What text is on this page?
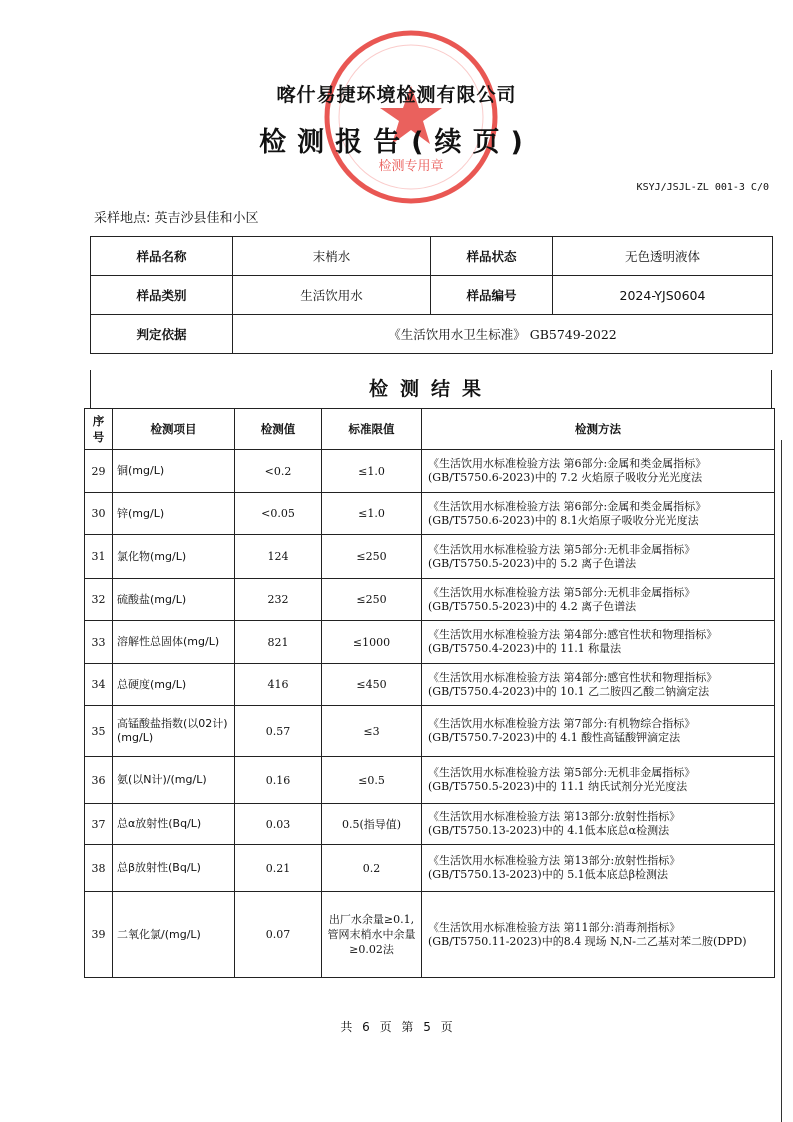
检测专用章
喀什易捷环境检测有限公司
检测报告(续页)
KSYJ/JSJL-ZL 001-3 C/0
采样地点: 英吉沙县佳和小区
样品名称	末梢水	样品状态	无色透明液体
样品类别	生活饮用水	样品编号	2024-YJS0604
判定依据	《生活饮用水卫生标准》 GB5749-2022		
检测结果
序号	检测项目	检测值	标准限值	检测方法
29	铜(mg/L)	<0.2	≤1.0	《生活饮用水标准检验方法 第6部分:金属和类金属指标》
(GB/T5750.6-2023)中的 7.2 火焰原子吸收分光光度法

30	锌(mg/L)	<0.05	≤1.0	《生活饮用水标准检验方法 第6部分:金属和类金属指标》
(GB/T5750.6-2023)中的 8.1火焰原子吸收分光光度法

31	氯化物(mg/L)	124	≤250	《生活饮用水标准检验方法 第5部分:无机非金属指标》
(GB/T5750.5-2023)中的 5.2 离子色谱法

32	硫酸盐(mg/L)	232	≤250	《生活饮用水标准检验方法 第5部分:无机非金属指标》
(GB/T5750.5-2023)中的 4.2 离子色谱法

33	溶解性总固体(mg/L)	821	≤1000	《生活饮用水标准检验方法 第4部分:感官性状和物理指标》
(GB/T5750.4-2023)中的 11.1 称量法

34	总硬度(mg/L)	416	≤450	《生活饮用水标准检验方法 第4部分:感官性状和物理指标》
(GB/T5750.4-2023)中的 10.1 乙二胺四乙酸二钠滴定法

35	高锰酸盐指数(以02计) (mg/L)	0.57	≤3	《生活饮用水标准检验方法 第7部分:有机物综合指标》
(GB/T5750.7-2023)中的 4.1 酸性高锰酸钾滴定法

36	氨(以N计)/(mg/L)	0.16	≤0.5	《生活饮用水标准检验方法 第5部分:无机非金属指标》
(GB/T5750.5-2023)中的 11.1 纳氏试剂分光光度法

37	总α放射性(Bq/L)	0.03	0.5(指导值)	《生活饮用水标准检验方法 第13部分:放射性指标》
(GB/T5750.13-2023)中的 4.1低本底总α检测法

38	总β放射性(Bq/L)	0.21	0.2	《生活饮用水标准检验方法 第13部分:放射性指标》
(GB/T5750.13-2023)中的 5.1低本底总β检测法

39	二氧化氯/(mg/L)	0.07	出厂水余量≥0.1,管网末梢水中余量≥0.02法	《生活饮用水标准检验方法 第11部分:消毒剂指标》
(GB/T5750.11-2023)中的8.4 现场 N,N-二乙基对苯二胺(DPD)
共 6 页 第 5 页
